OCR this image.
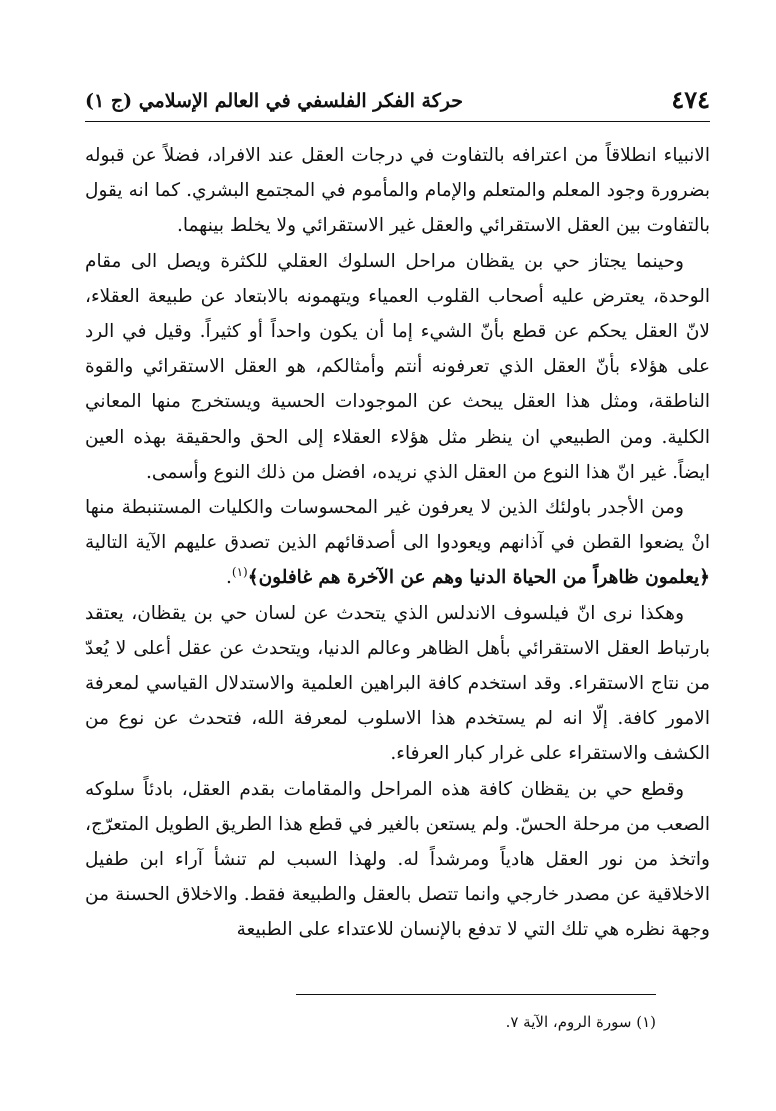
٤٧٤
حركة الفكر الفلسفي في العالم الإسلامي (ج ١)

الانبياء انطلاقاً من اعترافه بالتفاوت في درجات العقل عند الافراد، فضلاً عن قبوله بضرورة وجود المعلم والمتعلم والإمام والمأموم في المجتمع البشري. كما انه يقول بالتفاوت بين العقل الاستقرائي والعقل غير الاستقرائي ولا يخلط بينهما.

وحينما يجتاز حي بن يقظان مراحل السلوك العقلي للكثرة ويصل الى مقام الوحدة، يعترض عليه أصحاب القلوب العمياء ويتهمونه بالابتعاد عن طبيعة العقلاء، لانّ العقل يحكم عن قطع بأنّ الشيء إما أن يكون واحداً أو كثيراً. وقيل في الرد على هؤلاء بأنّ العقل الذي تعرفونه أنتم وأمثالكم، هو العقل الاستقرائي والقوة الناطقة، ومثل هذا العقل يبحث عن الموجودات الحسية ويستخرج منها المعاني الكلية. ومن الطبيعي ان ينظر مثل هؤلاء العقلاء إلى الحق والحقيقة بهذه العين ايضاً. غير انّ هذا النوع من العقل الذي نريده، افضل من ذلك النوع وأسمى.

ومن الأجدر باولئك الذين لا يعرفون غير المحسوسات والكليات المستنبطة منها انْ يضعوا القطن في آذانهم ويعودوا الى أصدقائهم الذين تصدق عليهم الآية التالية ﴿يعلمون ظاهراً من الحياة الدنيا وهم عن الآخرة هم غافلون﴾$^{(١)}$.

وهكذا نرى انّ فيلسوف الاندلس الذي يتحدث عن لسان حي بن يقظان، يعتقد بارتباط العقل الاستقرائي بأهل الظاهر وعالم الدنيا، ويتحدث عن عقل أعلى لا يُعدّ من نتاج الاستقراء. وقد استخدم كافة البراهين العلمية والاستدلال القياسي لمعرفة الامور كافة. إلّا انه لم يستخدم هذا الاسلوب لمعرفة الله، فتحدث عن نوع من الكشف والاستقراء على غرار كبار العرفاء.

وقطع حي بن يقظان كافة هذه المراحل والمقامات بقدم العقل، بادئاً سلوكه الصعب من مرحلة الحسّ. ولم يستعن بالغير في قطع هذا الطريق الطويل المتعرّج، واتخذ من نور العقل هادياً ومرشداً له. ولهذا السبب لم تنشأ آراء ابن طفيل الاخلاقية عن مصدر خارجي وانما تتصل بالعقل والطبيعة فقط. والاخلاق الحسنة من وجهة نظره هي تلك التي لا تدفع بالإنسان للاعتداء على الطبيعة

(١) سورة الروم، الآية ٧.
